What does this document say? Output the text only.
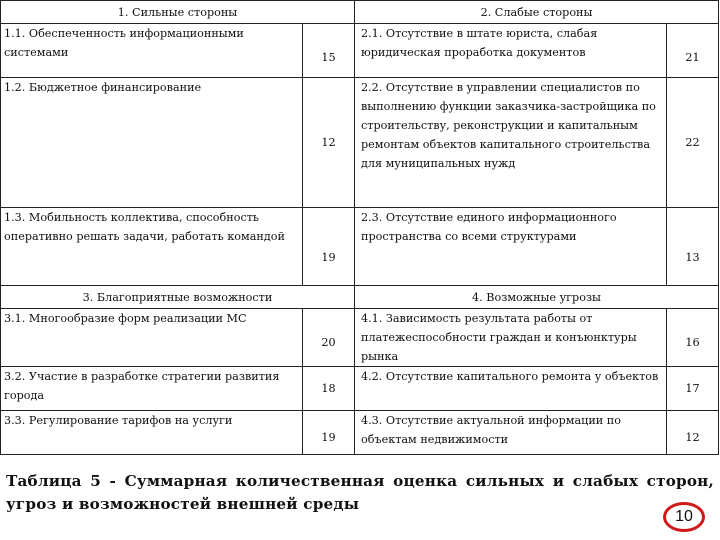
1. Сильные стороны		2. Слабые стороны	
1.1. Обеспеченность информационными системами	15	2.1. Отсутствие в штате юриста, слабая юридическая проработка документов	21
1.2. Бюджетное финансирование	12	2.2. Отсутствие в управлении специалистов по выполнению функции заказчика-застройщика по строительству, реконструкции и капитальным ремонтам объектов капитального строительства для муниципальных нужд	22
1.3. Мобильность коллектива, способность оперативно решать задачи, работать командой	19	2.3. Отсутствие единого информационного пространства со всеми структурами	13
3. Благоприятные возможности		4. Возможные угрозы	
3.1. Многообразие форм реализации МС	20	4.1. Зависимость результата работы от платежеспособности граждан и конъюнктуры рынка	16
3.2. Участие в разработке стратегии развития города	18	4.2. Отсутствие капитального ремонта у объектов	17
3.3. Регулирование тарифов на услуги	19	4.3. Отсутствие актуальной информации по объектам недвижимости	12
Таблица 5 - Суммарная количественная оценка сильных и слабых сторон, угроз и возможностей внешней среды
10
